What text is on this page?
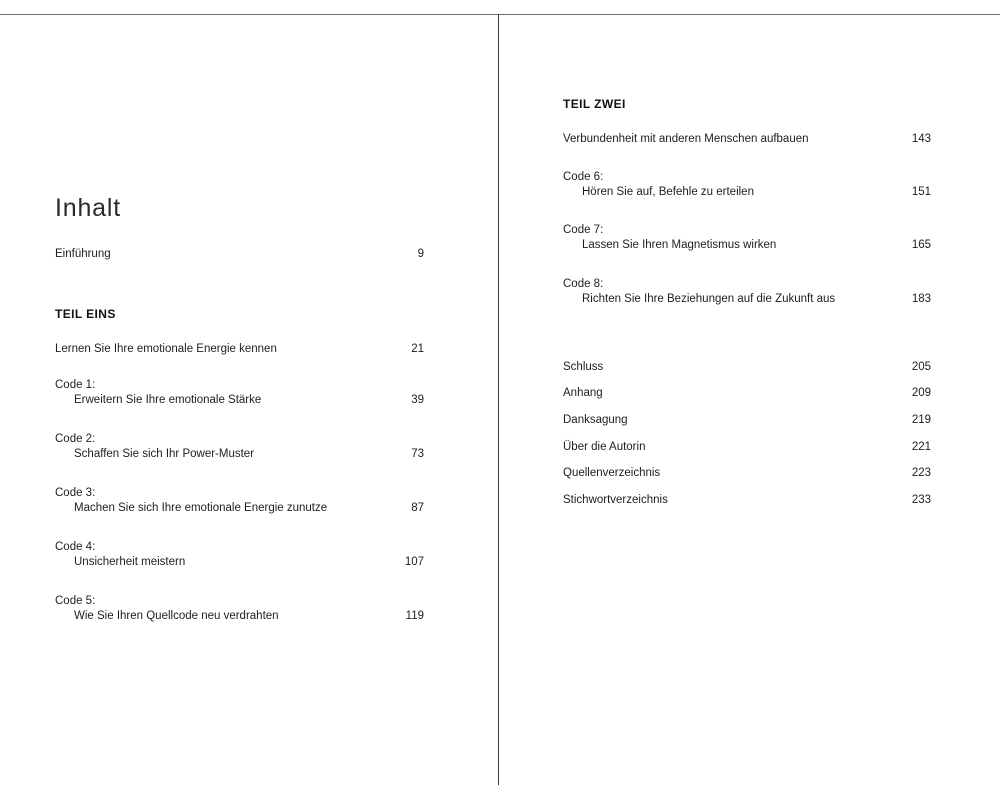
Inhalt
Einführung	9
TEIL EINS
Lernen Sie Ihre emotionale Energie kennen	21
Code 1:
Erweitern Sie Ihre emotionale Stärke	39
Code 2:
Schaffen Sie sich Ihr Power-Muster	73
Code 3:
Machen Sie sich Ihre emotionale Energie zunutze	87
Code 4:
Unsicherheit meistern	107
Code 5:
Wie Sie Ihren Quellcode neu verdrahten	119
TEIL ZWEI
Verbundenheit mit anderen Menschen aufbauen	143
Code 6:
Hören Sie auf, Befehle zu erteilen	151
Code 7:
Lassen Sie Ihren Magnetismus wirken	165
Code 8:
Richten Sie Ihre Beziehungen auf die Zukunft aus	183
Schluss	205
Anhang	209
Danksagung	219
Über die Autorin	221
Quellenverzeichnis	223
Stichwortverzeichnis	233
